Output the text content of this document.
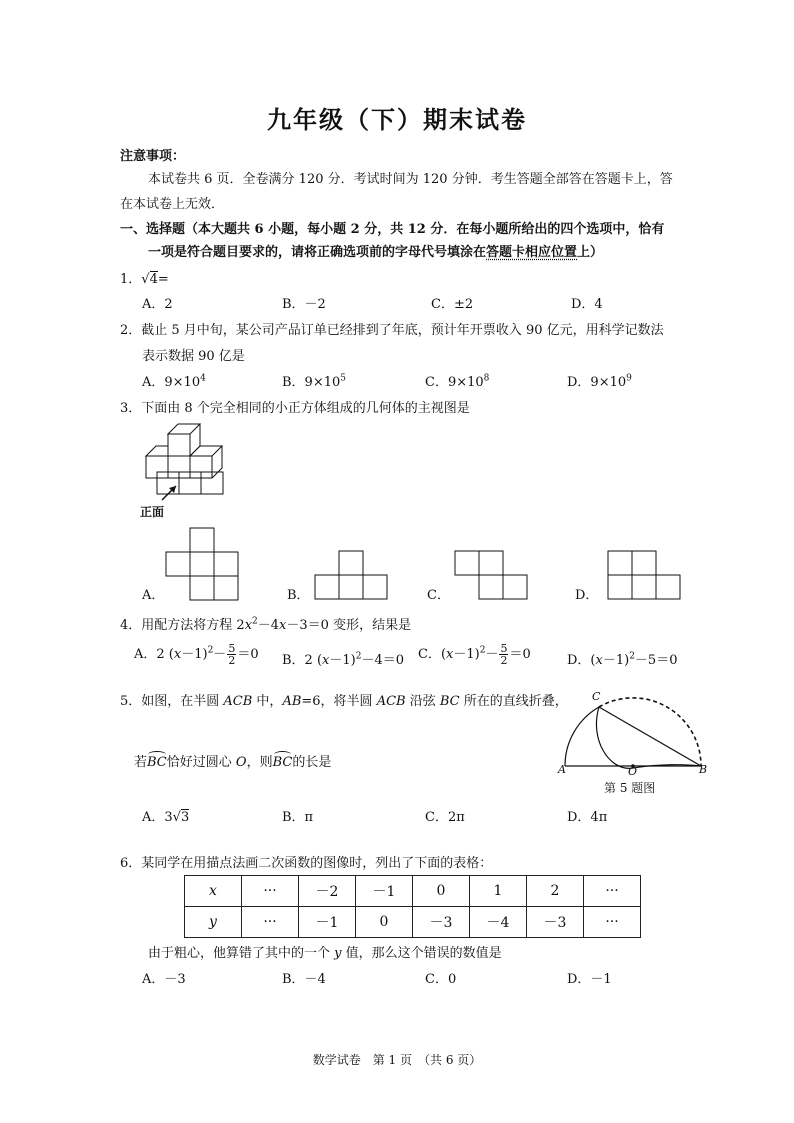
九年级（下）期末试卷
注意事项：
本试卷共 6 页．全卷满分 120 分．考试时间为 120 分钟．考生答题全部答在答题卡上，答
在本试卷上无效．
一、选择题（本大题共 6 小题，每小题 2 分，共 12 分．在每小题所给出的四个选项中，恰有
一项是符合题目要求的，请将正确选项前的字母代号填涂在答题卡相应位置上）
1．√4=
A．2	B．－2	C．±2	D．4
2．截止 5 月中旬，某公司产品订单已经排到了年底，预计年开票收入 90 亿元，用科学记数法
表示数据 90 亿是
A．$9\times 10^4$	B．$9\times 10^5$	C．$9\times 10^8$	D．$9\times 10^9$
3．下面由 8 个完全相同的小正方体组成的几何体的主视图是
正面
A．	B．	C．	D．
4．用配方法将方程 $2x^2-4x-3=0$ 变形，结果是
A．2 $(x-1)^2- \frac{5}{2} =0$ B．2 $(x-1)^2-4=0$ C．$(x-1)^2- \frac{5}{2} =0$	D．$(x-1)^2-5=0$
5．如图，在半圆 ACB 中，AB=6，将半圆 ACB 沿弦 BC 所在的直线折叠，
若BC恰好过圆心 O，则BC的长是
C
A	O	B
第 5 题图
A．3√3	B．π	C．2π	D．4π
6．某同学在用描点法画二次函数的图像时，列出了下面的表格：
x	···	－2	－1	0	1	2	···
y	···	－1	0	－3	－4	－3	···
由于粗心，他算错了其中的一个 y 值，那么这个错误的数值是
A．－3	B．－4	C．0	D．－1
数学试卷　第 1 页　（共 6 页）
